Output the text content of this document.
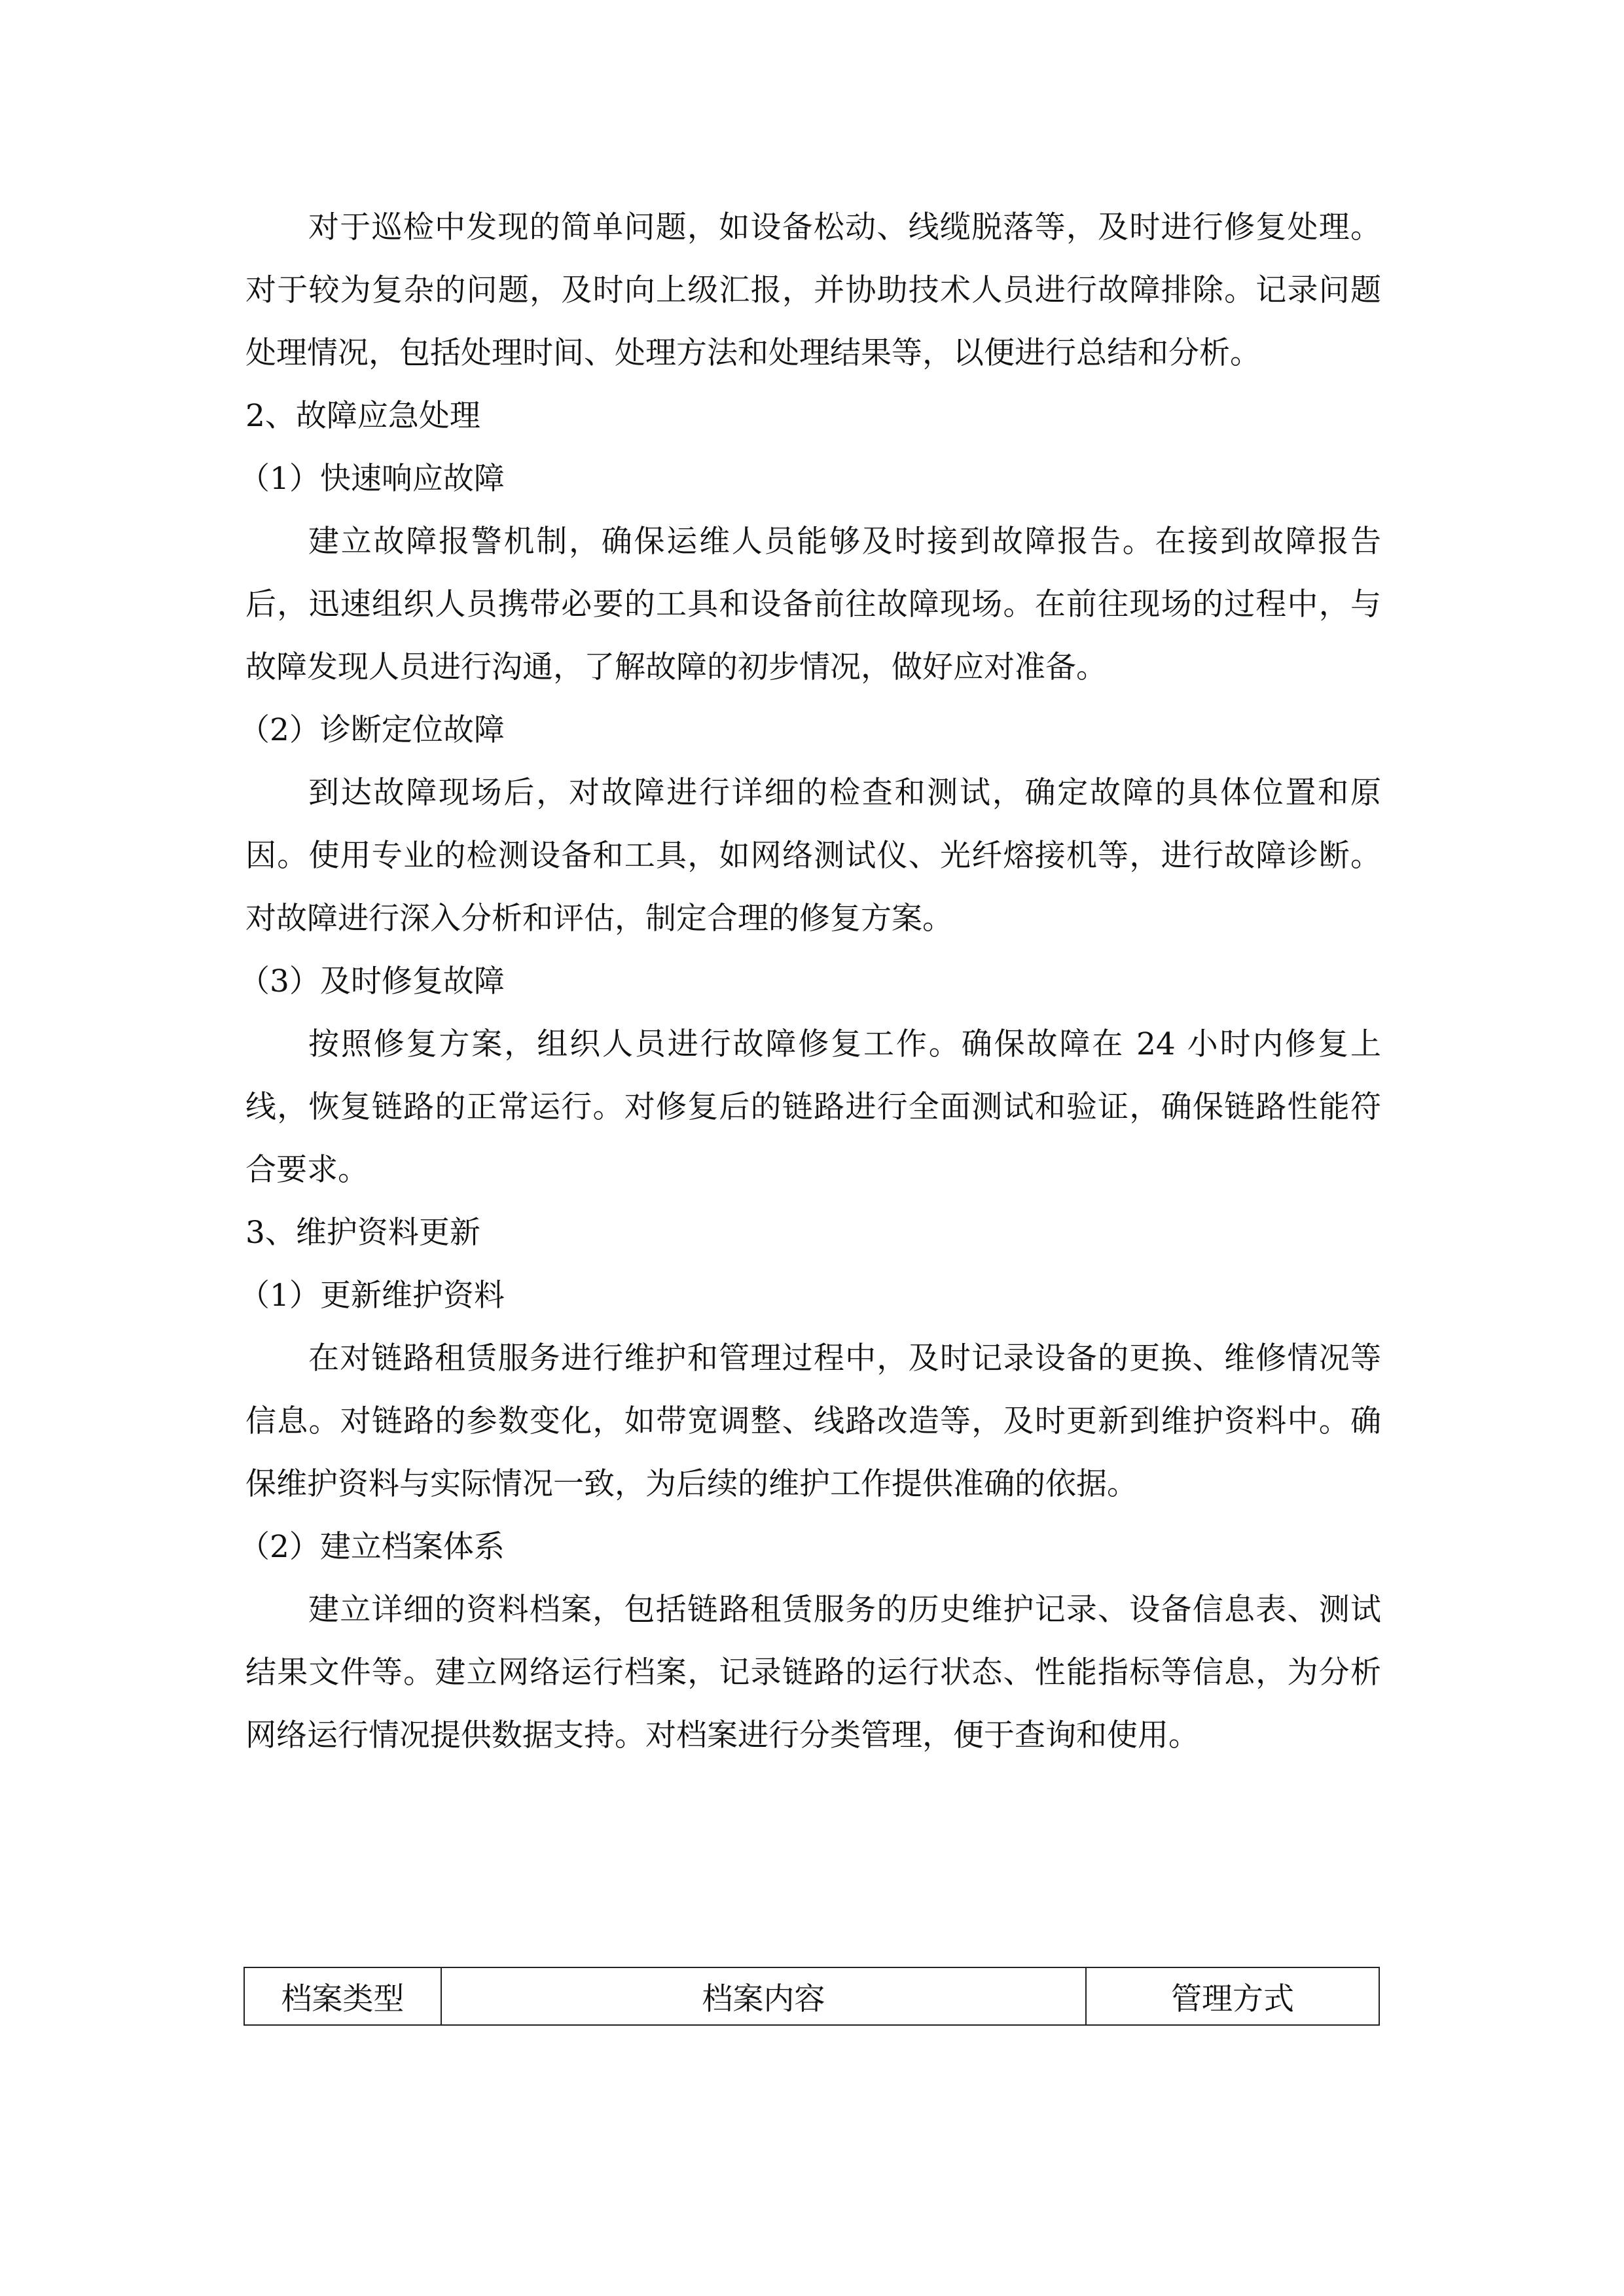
对于巡检中发现的简单问题，如设备松动、线缆脱落等，及时进行修复处理。对于较为复杂的问题，及时向上级汇报，并协助技术人员进行故障排除。记录问题处理情况，包括处理时间、处理方法和处理结果等，以便进行总结和分析。

2、故障应急处理

（1）快速响应故障

建立故障报警机制，确保运维人员能够及时接到故障报告。在接到故障报告后，迅速组织人员携带必要的工具和设备前往故障现场。在前往现场的过程中，与故障发现人员进行沟通，了解故障的初步情况，做好应对准备。

（2）诊断定位故障

到达故障现场后，对故障进行详细的检查和测试，确定故障的具体位置和原因。使用专业的检测设备和工具，如网络测试仪、光纤熔接机等，进行故障诊断。对故障进行深入分析和评估，制定合理的修复方案。

（3）及时修复故障

按照修复方案，组织人员进行故障修复工作。确保故障在 24 小时内修复上线，恢复链路的正常运行。对修复后的链路进行全面测试和验证，确保链路性能符合要求。

3、维护资料更新

（1）更新维护资料

在对链路租赁服务进行维护和管理过程中，及时记录设备的更换、维修情况等信息。对链路的参数变化，如带宽调整、线路改造等，及时更新到维护资料中。确保维护资料与实际情况一致，为后续的维护工作提供准确的依据。

（2）建立档案体系

建立详细的资料档案，包括链路租赁服务的历史维护记录、设备信息表、测试结果文件等。建立网络运行档案，记录链路的运行状态、性能指标等信息，为分析网络运行情况提供数据支持。对档案进行分类管理，便于查询和使用。

档案类型	档案内容	管理方式
